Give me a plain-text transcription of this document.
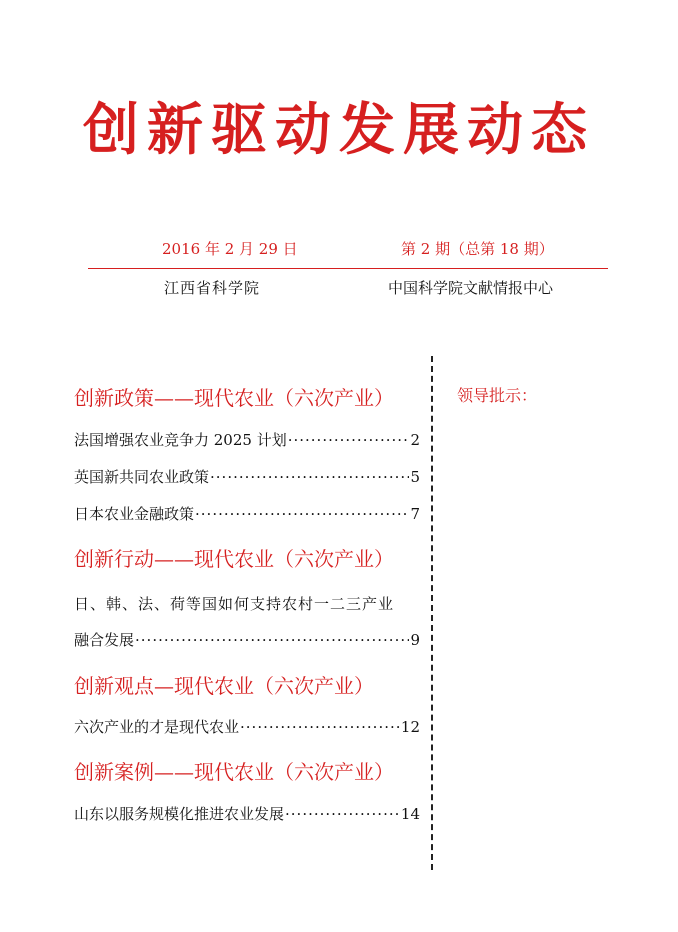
创新驱动发展动态
2016 年 2 月 29 日	第 2 期（总第 18 期）
江西省科学院	中国科学院文献情报中心
领导批示：
创新政策——现代农业（六次产业）
法国增强农业竞争力 2025 计划 ·····	2
英国新共同农业政策 ·····	5
日本农业金融政策 ·····	7
创新行动——现代农业（六次产业）
日、韩、法、荷等国如何支持农村一二三产业
融合发展 ·····	9
创新观点—现代农业（六次产业）
六次产业的才是现代农业 ·····	12
创新案例——现代农业（六次产业）
山东以服务规模化推进农业发展 ·····	14
